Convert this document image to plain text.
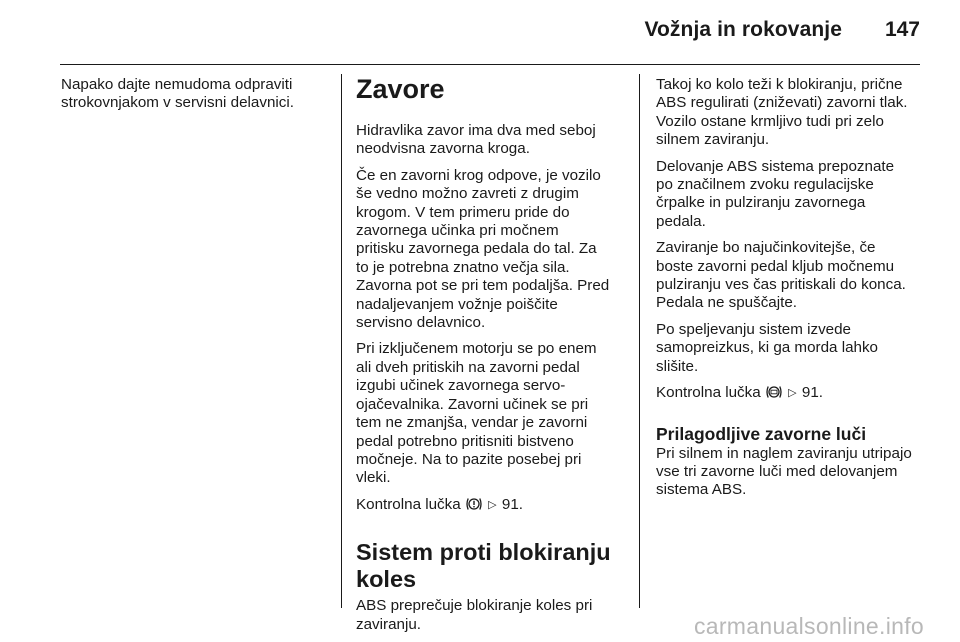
Vožnja in rokovanje 147

Napako dajte nemudoma odpraviti
strokovnjakom v servisni delavnici.	Zavore

Hidravlika zavor ima dva med seboj
neodvisna zavorna kroga.

Če en zavorni krog odpove, je vozilo
še vedno možno zavreti z drugim
krogom. V tem primeru pride do
zavornega učinka pri močnem
pritisku zavornega pedala do tal. Za
to je potrebna znatno večja sila.
Zavorna pot se pri tem podaljša. Pred
nadaljevanjem vožnje poiščite
servisno delavnico.

Pri izključenem motorju se po enem
ali dveh pritiskih na zavorni pedal
izgubi učinek zavornega servo-
ojačevalnika. Zavorni učinek se pri
tem ne zmanjša, vendar je zavorni
pedal potrebno pritisniti bistveno
močneje. Na to pazite posebej pri
vleki.

Kontrolna lučka ▷ 91.

Sistem proti blokiranju
koles

ABS preprečuje blokiranje koles pri
zaviranju.

Takoj ko kolo teži k blokiranju, prične
ABS regulirati (zniževati) zavorni tlak.
Vozilo ostane krmljivo tudi pri zelo
silnem zaviranju.

Delovanje ABS sistema prepoznate
po značilnem zvoku regulacijske
črpalke in pulziranju zavornega
pedala.

Zaviranje bo najučinkovitejše, če
boste zavorni pedal kljub močnemu
pulziranju ves čas pritiskali do konca.
Pedala ne spuščajte.

Po speljevanju sistem izvede
samopreizkus, ki ga morda lahko
slišite.

Kontrolna lučka ▷ 91.

Prilagodljive zavorne luči

Pri silnem in naglem zaviranju utripajo
vse tri zavorne luči med delovanjem
sistema ABS.

carmanualsonline.info
